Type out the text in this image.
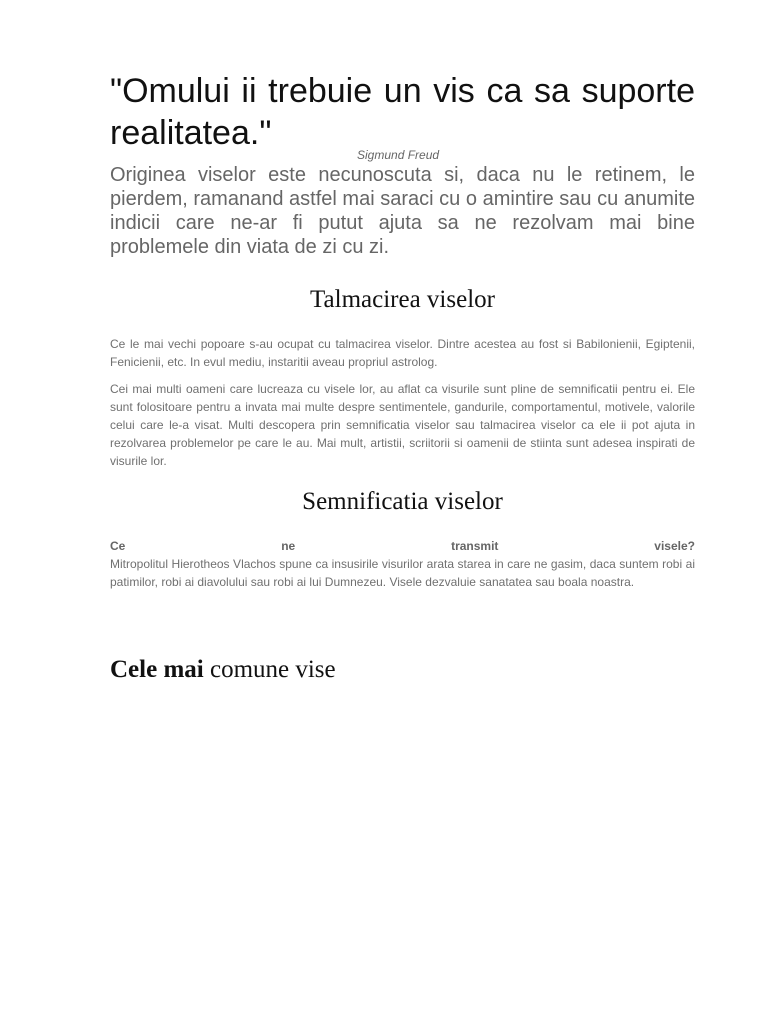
"Omului ii trebuie un vis ca sa suporte realitatea."
Sigmund Freud

Originea viselor este necunoscuta si, daca nu le retinem, le pierdem, ramanand astfel mai saraci cu o amintire sau cu anumite indicii care ne-ar fi putut ajuta sa ne rezolvam mai bine problemele din viata de zi cu zi.

Talmacirea viselor

Ce le mai vechi popoare s-au ocupat cu talmacirea viselor. Dintre acestea au fost si Babilonienii, Egiptenii, Fenicienii, etc. In evul mediu, instaritii aveau propriul astrolog.

Cei mai multi oameni care lucreaza cu visele lor, au aflat ca visurile sunt pline de semnificatii pentru ei. Ele sunt folositoare pentru a invata mai multe despre sentimentele, gandurile, comportamentul, motivele, valorile celui care le-a visat. Multi descopera prin semnificatia viselor sau talmacirea viselor ca ele ii pot ajuta in rezolvarea problemelor pe care le au. Mai mult, artistii, scriitorii si oamenii de stiinta sunt adesea inspirati de visurile lor.

Semnificatia viselor
Ce ne transmit visele?
Mitropolitul Hierotheos Vlachos spune ca insusirile visurilor arata starea in care ne gasim, daca suntem robi ai patimilor, robi ai diavolului sau robi ai lui Dumnezeu. Visele dezvaluie sanatatea sau boala noastra.
Cele mai comune vise
